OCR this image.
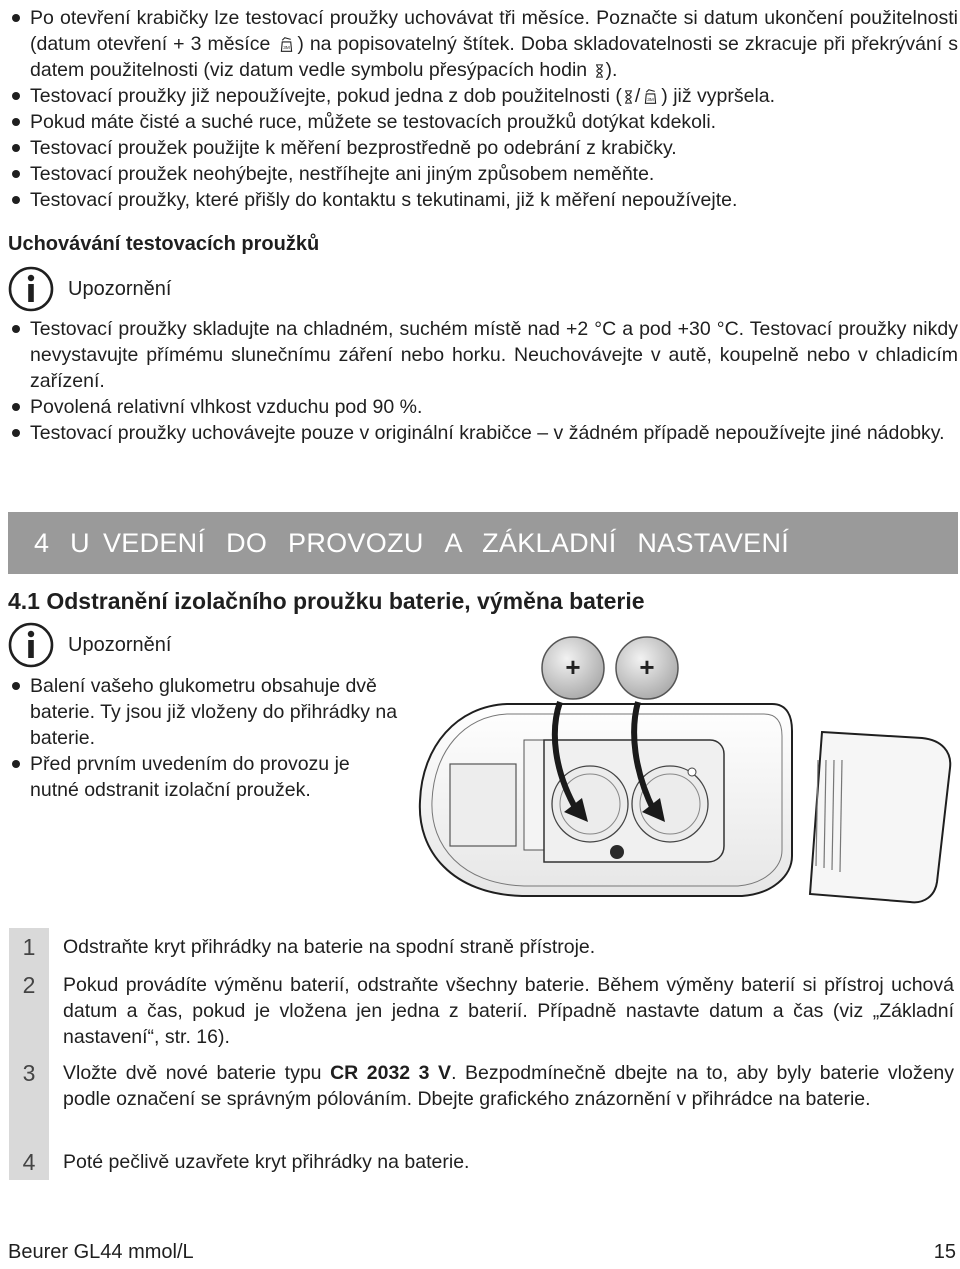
Po otevření krabičky lze testovací proužky uchovávat tři měsíce. Poznačte si datum ukončení použitelnosti (datum otevření + 3 měsíce 3M ) na popisovatelný štítek. Doba skladovatelnosti se zkracuje při překrývání s datem použitelnosti (viz datum vedle symbolu přesýpacích hodin ).
Testovací proužky již nepoužívejte, pokud jedna z dob použitelnosti ( / 3M ) již vypršela.
Pokud máte čisté a suché ruce, můžete se testovacích proužků dotýkat kdekoli.
Testovací proužek použijte k měření bezprostředně po odebrání z krabičky.
Testovací proužek neohýbejte, nestříhejte ani jiným způsobem neměňte.
Testovací proužky, které přišly do kontaktu s tekutinami, již k měření nepoužívejte.
Uchovávání testovacích proužků
Upozornění
Testovací proužky skladujte na chladném, suchém místě nad +2 °C a pod +30 °C. Testovací proužky nikdy nevystavujte přímému slunečnímu záření nebo horku. Neuchovávejte v autě, koupelně nebo v chladicím zařízení.
Povolená relativní vlhkost vzduchu pod 90 %.
Testovací proužky uchovávejte pouze v originální krabičce – v žádném případě nepoužívejte jiné nádobky.
4 U VEDENÍ DO PROVOZU A ZÁKLADNÍ NASTAVENÍ
4.1 Odstranění izolačního proužku baterie, výměna baterie
Upozornění
Balení vašeho glukometru obsahuje dvě baterie. Ty jsou již vloženy do přihrádky na baterie.
Před prvním uvedením do provozu je nutné odstranit izolační proužek.
+ +
1	Odstraňte kryt přihrádky na baterie na spodní straně přístroje.
2	Pokud provádíte výměnu baterií, odstraňte všechny baterie. Během výměny baterií si přístroj uchová datum a čas, pokud je vložena jen jedna z baterií. Případně nastavte datum a čas (viz „Základní nastavení“, str. 16).
3	Vložte dvě nové baterie typu CR 2032 3 V. Bezpodmínečně dbejte na to, aby byly baterie vloženy podle označení se správným pólováním. Dbejte grafického znázornění v přihrádce na baterie.
4	Poté pečlivě uzavřete kryt přihrádky na baterie.
Beurer GL44 mmol/L	15
